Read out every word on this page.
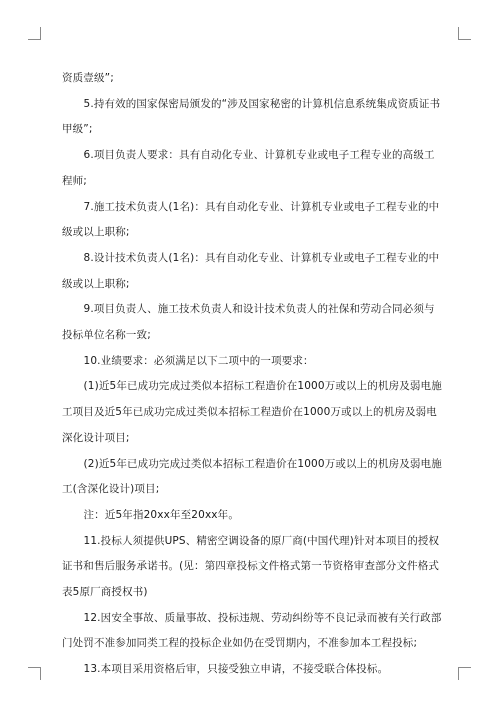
资质壹级”;

5.持有效的国家保密局颁发的“涉及国家秘密的计算机信息系统集成资质证书甲级”;

6.项目负责人要求：具有自动化专业、计算机专业或电子工程专业的高级工程师;

7.施工技术负责人(1名)：具有自动化专业、计算机专业或电子工程专业的中级或以上职称;

8.设计技术负责人(1名)：具有自动化专业、计算机专业或电子工程专业的中级或以上职称;

9.项目负责人、施工技术负责人和设计技术负责人的社保和劳动合同必须与投标单位名称一致;

10.业绩要求：必须满足以下二项中的一项要求：

(1)近5年已成功完成过类似本招标工程造价在1000万或以上的机房及弱电施工项目及近5年已成功完成过类似本招标工程造价在1000万或以上的机房及弱电深化设计项目;

(2)近5年已成功完成过类似本招标工程造价在1000万或以上的机房及弱电施工(含深化设计)项目;

注：近5年指20xx年至20xx年。

11.投标人须提供UPS、精密空调设备的原厂商(中国代理)针对本项目的授权证书和售后服务承诺书。(见：第四章投标文件格式第一节资格审查部分文件格式表5原厂商授权书)

12.因安全事故、质量事故、投标违规、劳动纠纷等不良记录而被有关行政部门处罚不准参加同类工程的投标企业如仍在受罚期内，不准参加本工程投标;

13.本项目采用资格后审，只接受独立申请，不接受联合体投标。
